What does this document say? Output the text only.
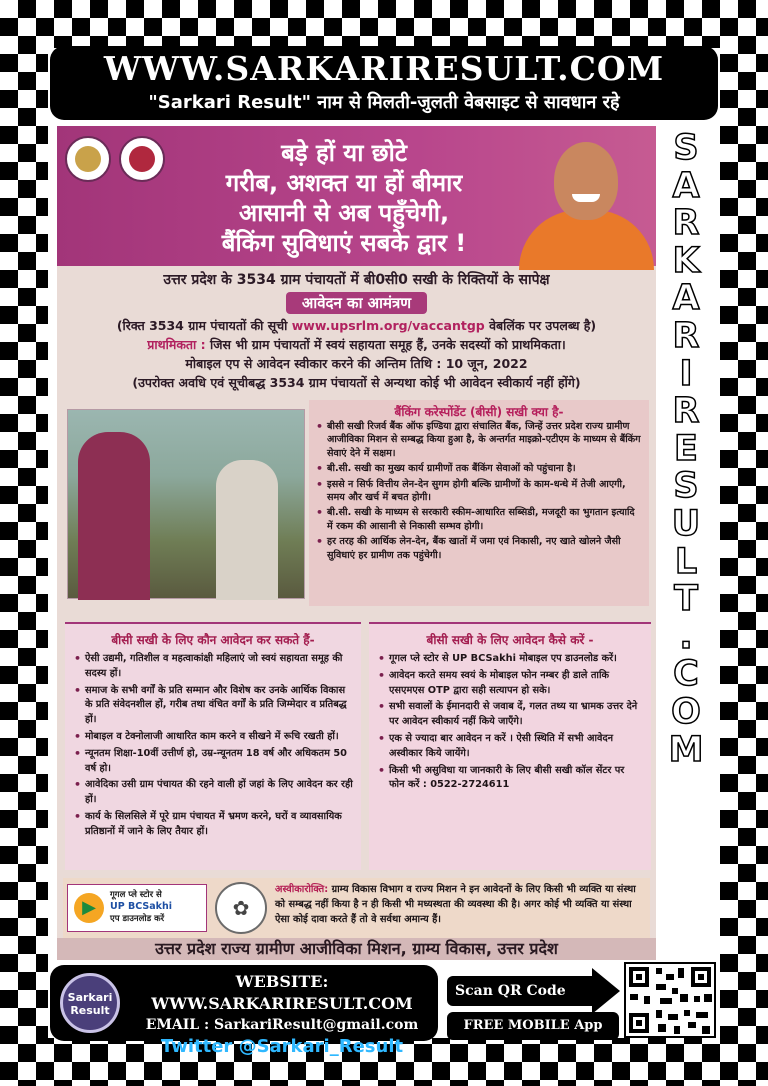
WWW.SARKARIRESULT.COM
"Sarkari Result" नाम से मिलती-जुलती वेबसाइट से सावधान रहे
S
A
R
K
A
R
I
R
E
S
U
L
T
.
C
O
M
बड़े हों या छोटे
गरीब, अशक्त या हों बीमार
आसानी से अब पहुँचेगी,
बैंकिंग सुविधाएं सबके द्वार !
उत्तर प्रदेश के 3534 ग्राम पंचायतों में बी0सी0 सखी के रिक्तियों के सापेक्ष
आवेदन का आमंत्रण
(रिक्त 3534 ग्राम पंचायतों की सूची www.upsrlm.org/vaccantgp वेबलिंक पर उपलब्ध है)
प्राथमिकता : जिस भी ग्राम पंचायतों में स्वयं सहायता समूह हैं, उनके सदस्यों को प्राथमिकता।
मोबाइल एप से आवेदन स्वीकार करने की अन्तिम तिथि : 10 जून, 2022
(उपरोक्त अवधि एवं सूचीबद्ध 3534 ग्राम पंचायतों से अन्यथा कोई भी आवेदन स्वीकार्य नहीं होंगे)
बैंकिंग करेस्पोंडेंट (बीसी) सखी क्या है-
• बीसी सखी रिजर्व बैंक ऑफ इण्डिया द्वारा संचालित बैंक, जिन्हें उत्तर प्रदेश राज्य ग्रामीण आजीविका मिशन से सम्बद्ध किया हुआ है, के अन्तर्गत माइक्रो-एटीएम के माध्यम से बैंकिंग सेवाएं देने में सक्षम।
• बी.सी. सखी का मुख्य कार्य ग्रामीणों तक बैंकिंग सेवाओं को पहुंचाना है।
• इससे न सिर्फ वित्तीय लेन-देन सुगम होगी बल्कि ग्रामीणों के काम-धन्धे में तेजी आएगी, समय और खर्च में बचत होगी।
• बी.सी. सखी के माध्यम से सरकारी स्कीम-आधारित सब्सिडी, मजदूरी का भुगतान इत्यादि में रकम की आसानी से निकासी सम्भव होगी।
• हर तरह की आर्थिक लेन-देन, बैंक खातों में जमा एवं निकासी, नए खाते खोलने जैसी सुविधाएं हर ग्रामीण तक पहुंचेगी।
बीसी सखी के लिए कौन आवेदन कर सकते हैं-
• ऐसी उद्यमी, गतिशील व महत्वाकांक्षी महिलाएं जो स्वयं सहायता समूह की सदस्य हों।
• समाज के सभी वर्गों के प्रति सम्मान और विशेष कर उनके आर्थिक विकास के प्रति संवेदनशील हों, गरीब तथा वंचित वर्गों के प्रति जिम्मेदार व प्रतिबद्ध हों।
• मोबाइल व टेक्नोलाजी आधारित काम करने व सीखने में रूचि रखती हों।
• न्यूनतम शिक्षा-10वीं उत्तीर्ण हो, उम्र-न्यूनतम 18 वर्ष और अधिकतम 50 वर्ष हो।
• आवेदिका उसी ग्राम पंचायत की रहने वाली हों जहां के लिए आवेदन कर रही हों।
• कार्य के सिलसिले में पूरे ग्राम पंचायत में भ्रमण करने, घरों व व्यावसायिक प्रतिष्ठानों में जाने के लिए तैयार हों।
बीसी सखी के लिए आवेदन कैसे करें -
• गूगल प्ले स्टोर से UP BCSakhi मोबाइल एप डाउनलोड करें।
• आवेदन करते समय स्वयं के मोबाइल फोन नम्बर ही डाले ताकि एसएमएस OTP द्वारा सही सत्यापन हो सके।
• सभी सवालों के ईमानदारी से जवाब दें, गलत तथ्य या भ्रामक उत्तर देने पर आवेदन स्वीकार्य नहीं किये जाएँगे।
• एक से ज्यादा बार आवेदन न करें । ऐसी स्थिति में सभी आवेदन अस्वीकार किये जायेंगे।
• किसी भी असुविधा या जानकारी के लिए बीसी सखी कॉल सेंटर पर फोन करें : 0522-2724611
▶
गूगल प्ले स्टोर से
UP BCSakhi
एप डाउनलोड करें	✿
अस्वीकारोक्ति: ग्राम्य विकास विभाग व राज्य मिशन ने इन आवेदनों के लिए किसी भी व्यक्ति या संस्था को सम्बद्ध नहीं किया है न ही किसी भी मध्यस्थता की व्यवस्था की है। अगर कोई भी व्यक्ति या संस्था ऐसा कोई दावा करते हैं तो वे सर्वथा अमान्य हैं।
उत्तर प्रदेश राज्य ग्रामीण आजीविका मिशन, ग्राम्य विकास, उत्तर प्रदेश
Sarkari
Result
WEBSITE: WWW.SARKARIRESULT.COM
EMAIL : SarkariResult@gmail.com
Twitter @Sarkari_Result
Scan QR Code
FREE MOBILE App
